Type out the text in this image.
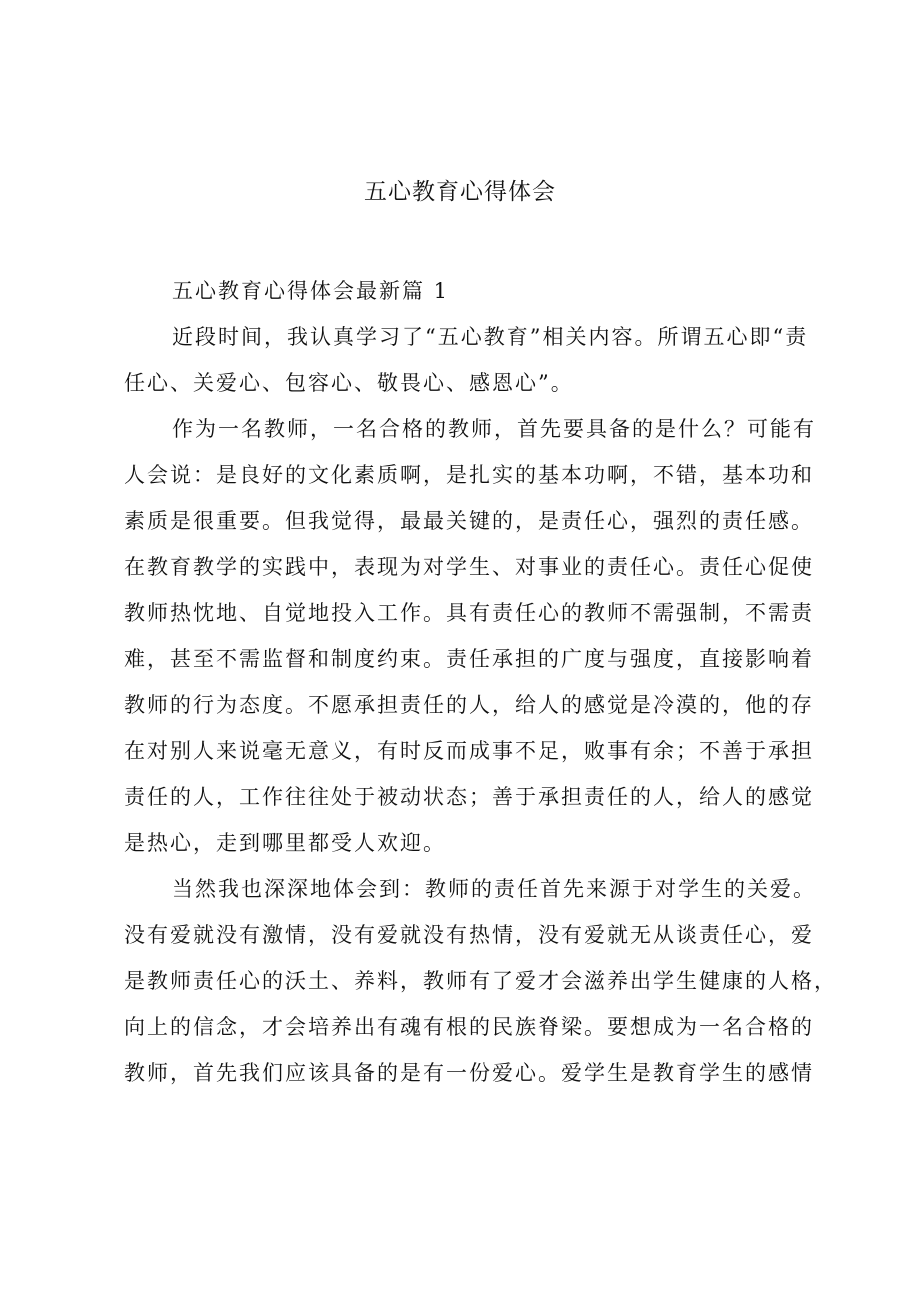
五心教育心得体会
五心教育心得体会最新篇 1
近段时间，我认真学习了“五心教育”相关内容。所谓五心即“责
任心、关爱心、包容心、敬畏心、感恩心”。
作为一名教师，一名合格的教师，首先要具备的是什么？可能有
人会说：是良好的文化素质啊，是扎实的基本功啊，不错，基本功和
素质是很重要。但我觉得，最最关键的，是责任心，强烈的责任感。
在教育教学的实践中，表现为对学生、对事业的责任心。责任心促使
教师热忱地、自觉地投入工作。具有责任心的教师不需强制，不需责
难，甚至不需监督和制度约束。责任承担的广度与强度，直接影响着
教师的行为态度。不愿承担责任的人，给人的感觉是冷漠的，他的存
在对别人来说毫无意义，有时反而成事不足，败事有余；不善于承担
责任的人，工作往往处于被动状态；善于承担责任的人，给人的感觉
是热心，走到哪里都受人欢迎。
当然我也深深地体会到：教师的责任首先来源于对学生的关爱。
没有爱就没有激情，没有爱就没有热情，没有爱就无从谈责任心，爱
是教师责任心的沃土、养料，教师有了爱才会滋养出学生健康的人格，
向上的信念，才会培养出有魂有根的民族脊梁。要想成为一名合格的
教师，首先我们应该具备的是有一份爱心。爱学生是教育学生的感情
